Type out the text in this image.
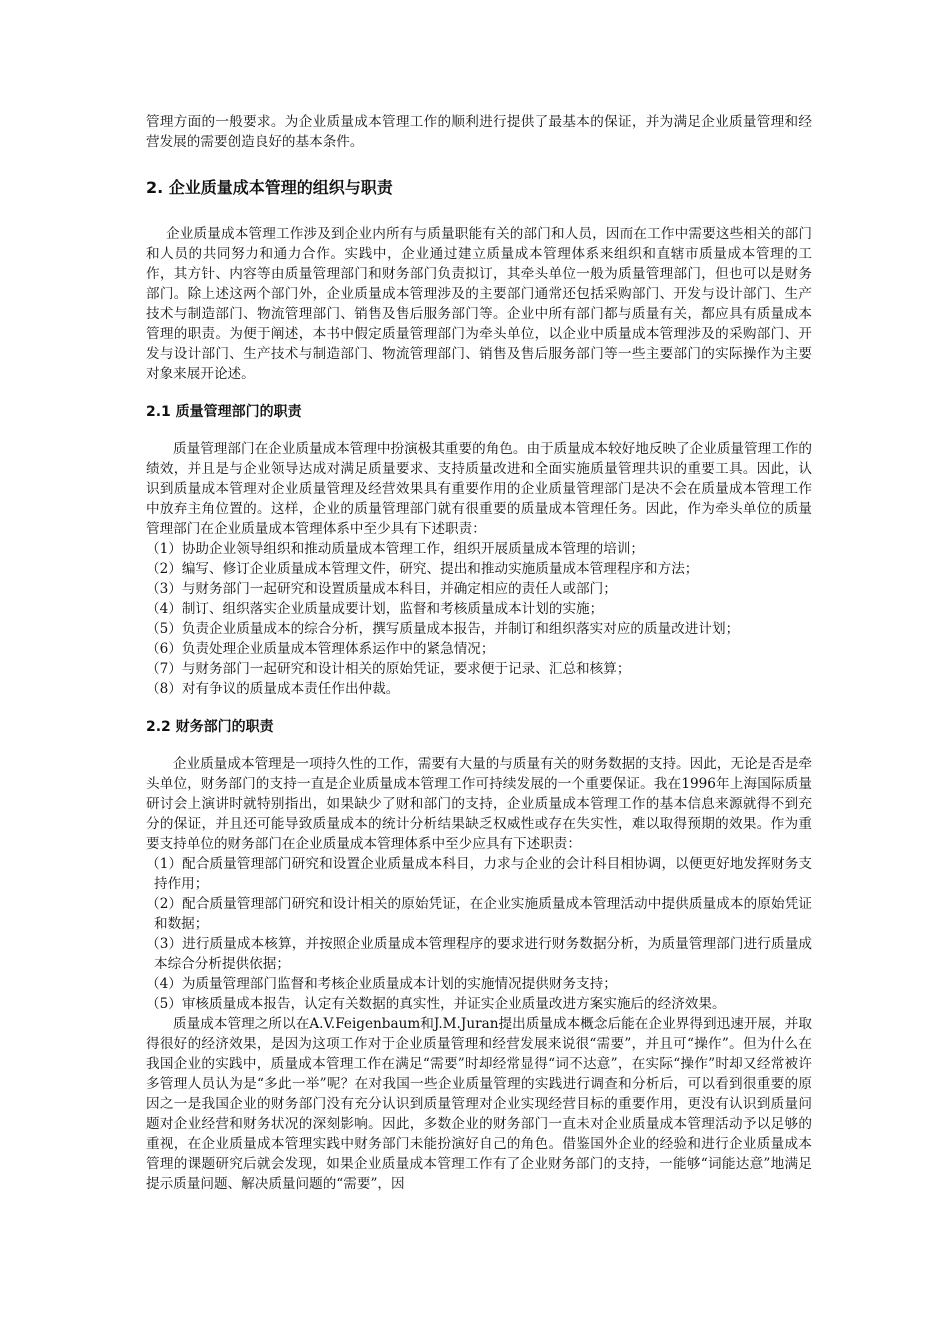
管理方面的一般要求。为企业质量成本管理工作的顺利进行提供了最基本的保证，并为满足企业质量管理和经营发展的需要创造良好的基本条件。

2. 企业质量成本管理的组织与职责

企业质量成本管理工作涉及到企业内所有与质量职能有关的部门和人员，因而在工作中需要这些相关的部门和人员的共同努力和通力合作。实践中，企业通过建立质量成本管理体系来组织和直辖市质量成本管理的工作，其方针、内容等由质量管理部门和财务部门负责拟订，其牵头单位一般为质量管理部门，但也可以是财务部门。除上述这两个部门外，企业质量成本管理涉及的主要部门通常还包括采购部门、开发与设计部门、生产技术与制造部门、物流管理部门、销售及售后服务部门等。企业中所有部门都与质量有关，都应具有质量成本管理的职责。为便于阐述，本书中假定质量管理部门为牵头单位，以企业中质量成本管理涉及的采购部门、开发与设计部门、生产技术与制造部门、物流管理部门、销售及售后服务部门等一些主要部门的实际操作为主要对象来展开论述。

2.1 质量管理部门的职责

质量管理部门在企业质量成本管理中扮演极其重要的角色。由于质量成本较好地反映了企业质量管理工作的绩效，并且是与企业领导达成对满足质量要求、支持质量改进和全面实施质量管理共识的重要工具。因此，认识到质量成本管理对企业质量管理及经营效果具有重要作用的企业质量管理部门是决不会在质量成本管理工作中放弃主角位置的。这样，企业的质量管理部门就有很重要的质量成本管理任务。因此，作为牵头单位的质量管理部门在企业质量成本管理体系中至少具有下述职责：

（1）协助企业领导组织和推动质量成本管理工作，组织开展质量成本管理的培训；

（2）编写、修订企业质量成本管理文件，研究、提出和推动实施质量成本管理程序和方法；

（3）与财务部门一起研究和设置质量成本科目，并确定相应的责任人或部门；

（4）制订、组织落实企业质量成要计划，监督和考核质量成本计划的实施；

（5）负责企业质量成本的综合分析，撰写质量成本报告，并制订和组织落实对应的质量改进计划；

（6）负责处理企业质量成本管理体系运作中的紧急情况；

（7）与财务部门一起研究和设计相关的原始凭证，要求便于记录、汇总和核算；

（8）对有争议的质量成本责任作出仲裁。

2.2 财务部门的职责

企业质量成本管理是一项持久性的工作，需要有大量的与质量有关的财务数据的支持。因此，无论是否是牵头单位，财务部门的支持一直是企业质量成本管理工作可持续发展的一个重要保证。我在1996年上海国际质量研讨会上演讲时就特别指出，如果缺少了财和部门的支持，企业质量成本管理工作的基本信息来源就得不到充分的保证，并且还可能导致质量成本的统计分析结果缺乏权威性或存在失实性，难以取得预期的效果。作为重要支持单位的财务部门在企业质量成本管理体系中至少应具有下述职责：

（1）配合质量管理部门研究和设置企业质量成本科目，力求与企业的会计科目相协调，以便更好地发挥财务支持作用；

（2）配合质量管理部门研究和设计相关的原始凭证，在企业实施质量成本管理活动中提供质量成本的原始凭证和数据；

（3）进行质量成本核算，并按照企业质量成本管理程序的要求进行财务数据分析，为质量管理部门进行质量成本综合分析提供依据；

（4）为质量管理部门监督和考核企业质量成本计划的实施情况提供财务支持；

（5）审核质量成本报告，认定有关数据的真实性，并证实企业质量改进方案实施后的经济效果。

质量成本管理之所以在A.V.Feigenbaum和J.M.Juran提出质量成本概念后能在企业界得到迅速开展，并取得很好的经济效果，是因为这项工作对于企业质量管理和经营发展来说很“需要”，并且可“操作”。但为什么在我国企业的实践中，质量成本管理工作在满足“需要”时却经常显得“词不达意”，在实际“操作”时却又经常被许多管理人员认为是“多此一举”呢？在对我国一些企业质量管理的实践进行调查和分析后，可以看到很重要的原因之一是我国企业的财务部门没有充分认识到质量管理对企业实现经营目标的重要作用，更没有认识到质量问题对企业经营和财务状况的深刻影响。因此，多数企业的财务部门一直未对企业质量成本管理活动予以足够的重视，在企业质量成本管理实践中财务部门未能扮演好自己的角色。借鉴国外企业的经验和进行企业质量成本管理的课题研究后就会发现，如果企业质量成本管理工作有了企业财务部门的支持，一能够“词能达意”地满足提示质量问题、解决质量问题的“需要”，因
